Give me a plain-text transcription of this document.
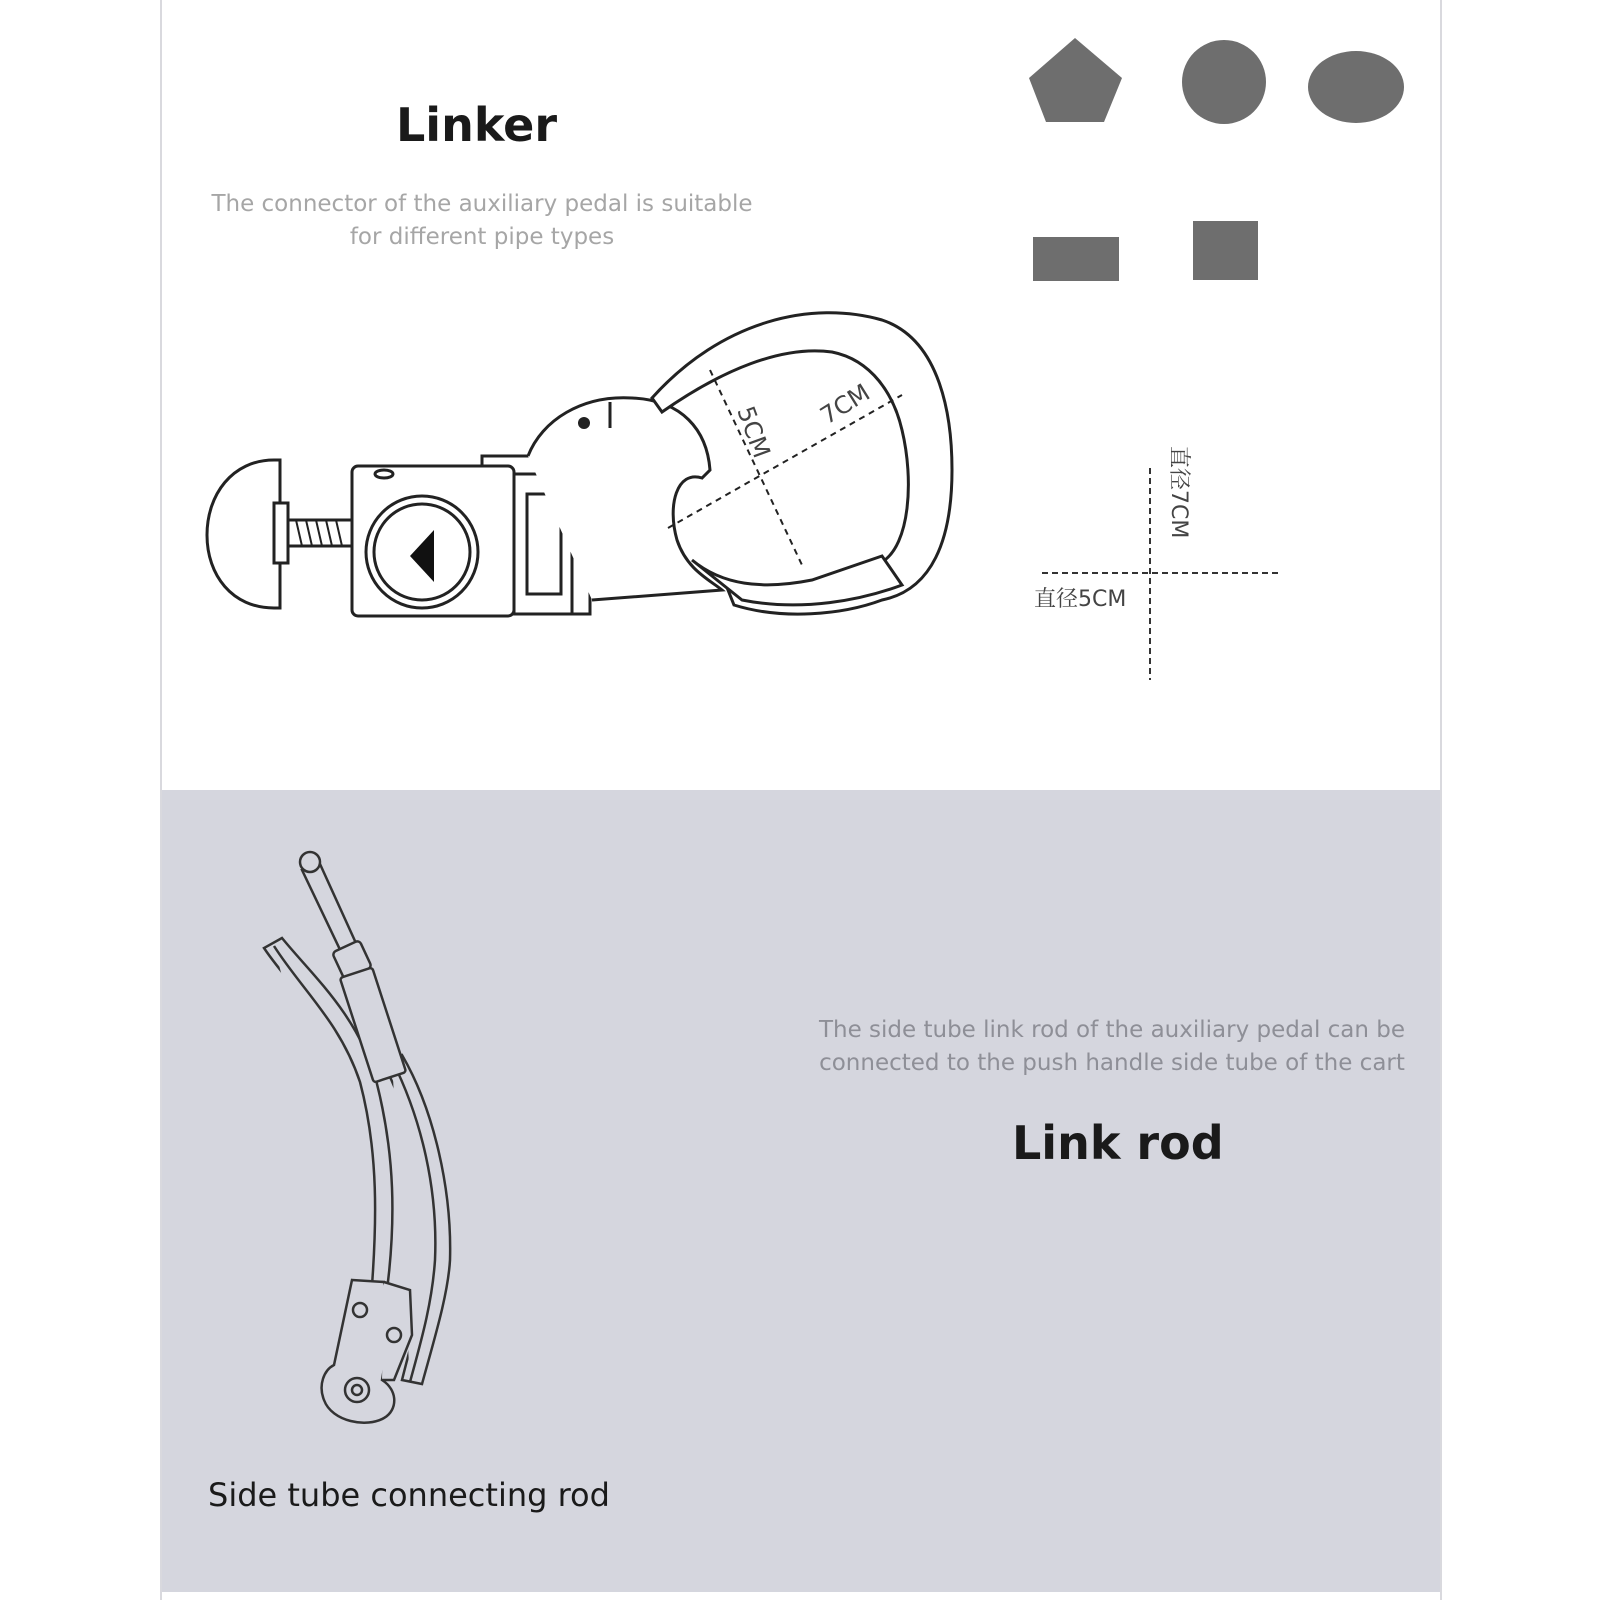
Linker
The connector of the auxiliary pedal is suitable
for different pipe types
5CM 7CM
直径7CM
直径5CM
The side tube link rod of the auxiliary pedal can be
connected to the push handle side tube of the cart
Link rod
Side tube connecting rod
